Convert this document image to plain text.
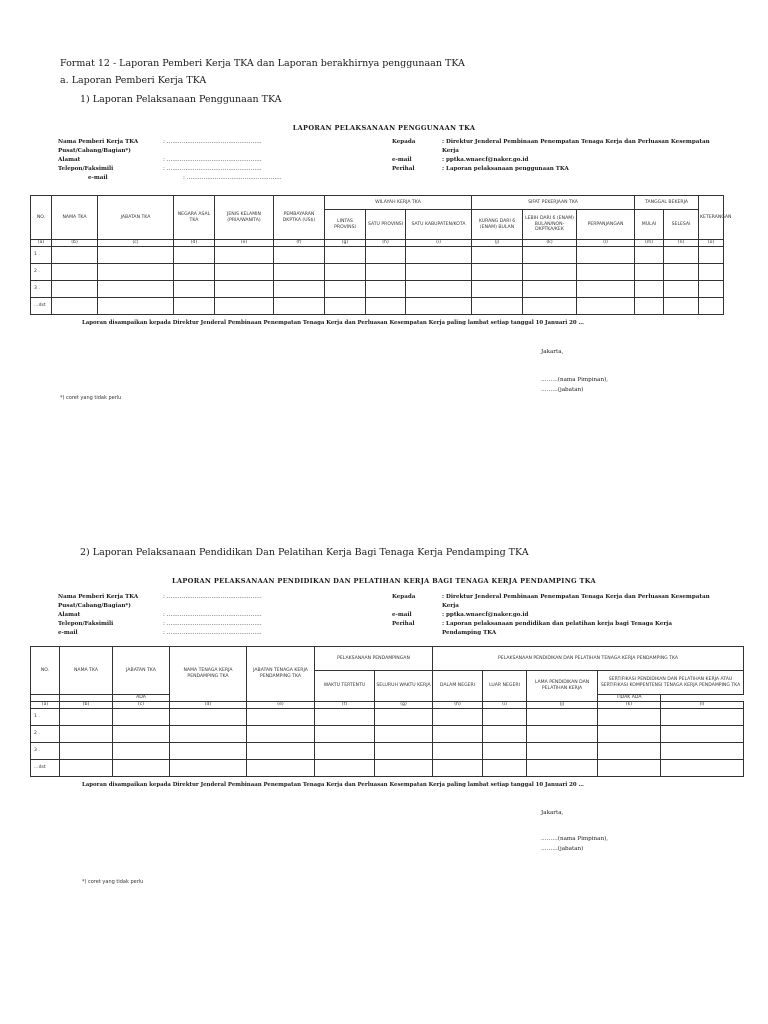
Format 12 - Laporan Pemberi Kerja TKA dan Laporan berakhirnya penggunaan TKA
a. Laporan Pemberi Kerja TKA
1) Laporan Pelaksanaan Penggunaan TKA
LAPORAN PELAKSANAAN PENGGUNAAN TKA
Nama Pemberi Kerja TKA	: ……………………………………………
Pusat/Cabang/Bagian*)
Alamat	: ……………………………………………
Telepon/Faksimili	: ……………………………………………
e-mail	: ……………………………………………
Kepada	: Direktur Jenderal Pembinaan Penempatan Tenaga Kerja dan Perluasan Kesempatan Kerja
e-mail	: pptka.wnaecf@naker.go.id
Perihal	: Laporan pelaksanaan penggunaan TKA
NO.	NAMA TKA	JABATAN TKA	NEGARA ASAL TKA	JENIS KELAMIN (PRIA/WANITA)	PEMBAYARAN DKPTKA (US$)	WILAYAH KERJA TKA			SIFAT PEKERJAAN TKA			TANGGAL BEKERJA		KETERANGAN
						LINTAS PROVINSI	SATU PROVINSI	SATU KABUPATEN/KOTA	KURANG DARI 6 (ENAM) BULAN	LEBIH DARI 6 (ENAM) BULAN/NON-DKPTKA/KEK	PERPANJANGAN	MULAI	SELESAI	
(a)	(b)	(c)	(d)	(e)	(f)	(g)	(h)	(i)	(j)	(k)	(l)	(m)	(n)	(o)
1 .														
2 .														
3 .														
…dst														
Laporan disampaikan kepada Direktur Jenderal Pembinaan Penempatan Tenaga Kerja dan Perluasan Kesempatan Kerja paling lambat setiap tanggal 10 Januari 20 …
Jakarta,
………(nama Pimpinan),
………(jabatan)
*) coret yang tidak perlu
2) Laporan Pelaksanaan Pendidikan Dan Pelatihan Kerja Bagi Tenaga Kerja Pendamping TKA
LAPORAN PELAKSANAAN PENDIDIKAN DAN PELATIHAN KERJA BAGI TENAGA KERJA PENDAMPING TKA
Nama Pemberi Kerja TKA	: ……………………………………………
Pusat/Cabang/Bagian*)
Alamat	: ……………………………………………
Telepon/Faksimili	: ……………………………………………
e-mail	: ……………………………………………
Kepada	: Direktur Jenderal Pembinaan Penempatan Tenaga Kerja dan Perluasan Kesempatan Kerja
e-mail	: pptka.wnaecf@naker.go.id
Perihal	: Laporan pelaksanaan pendidikan dan pelatihan kerja bagi Tenaga Kerja Pendamping TKA
NO.	NAMA TKA	JABATAN TKA	NAMA TENAGA KERJA PENDAMPING TKA	JABATAN TENAGA KERJA PENDAMPING TKA	PELAKSANAAN PENDAMPINGAN		PELAKSANAAN PENDIDIKAN DAN PELATIHAN TENAGA KERJA PENDAMPING TKA				
					WAKTU TERTENTU	SELURUH WAKTU KERJA	DALAM NEGERI	LUAR NEGERI	LAMA PENDIDIKAN DAN PELATIHAN KERJA	SERTIFIKASI PENDIDIKAN DAN PELATIHAN KERJA ATAU SERTIFIKASI KOMPENTENSI TENAGA KERJA PENDAMPING TKA	
		ADA								TIDAK ADA	
(a)	(b)	(c)	(d)	(e)	(f)	(g)	(h)	(i)	(j)	(k)	(l)
1 .											
2 .											
3 .											
…dst											
Laporan disampaikan kepada Direktur Jenderal Pembinaan Penempatan Tenaga Kerja dan Perluasan Kesempatan Kerja paling lambat setiap tanggal 10 Januari 20 …
Jakarta,
………(nama Pimpinan),
………(jabatan)
*) coret yang tidak perlu
